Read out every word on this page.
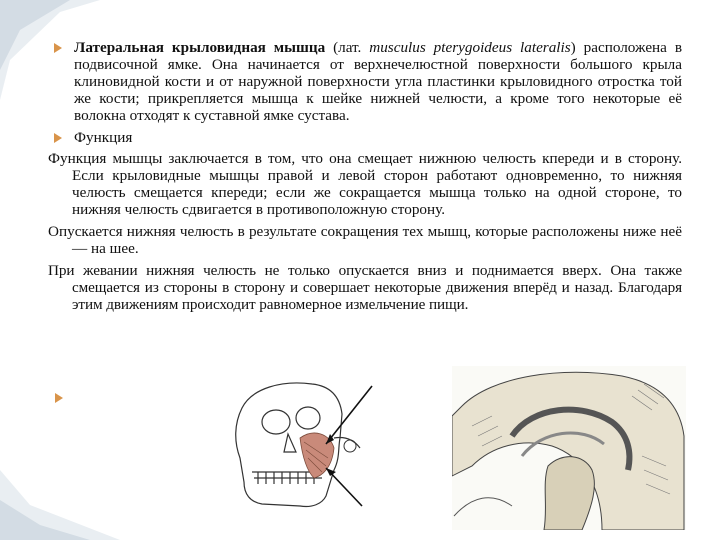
Латеральная крыловидная мышца (лат. musculus pterygoideus lateralis) расположена в подвисочной ямке. Она начинается от верхнечелюстной поверхности большого крыла клиновидной кости и от наружной поверхности угла пластинки крыловидного отростка той же кости; прикрепляется мышца к шейке нижней челюсти, а кроме того некоторые её волокна отходят к суставной ямке сустава.

Функция

Функция мышцы заключается в том, что она смещает нижнюю челюсть кпереди и в сторону. Если крыловидные мышцы правой и левой сторон работают одновременно, то нижняя челюсть смещается кпереди; если же сокращается мышца только на одной стороне, то нижняя челюсть сдвигается в противоположную сторону.

Опускается нижняя челюсть в результате сокращения тех мышц, которые расположены ниже неё — на шее.

При жевании нижняя челюсть не только опускается вниз и поднимается вверх. Она также смещается из стороны в сторону и совершает некоторые движения вперёд и назад. Благодаря этим движениям происходит равномерное измельчение пищи.
